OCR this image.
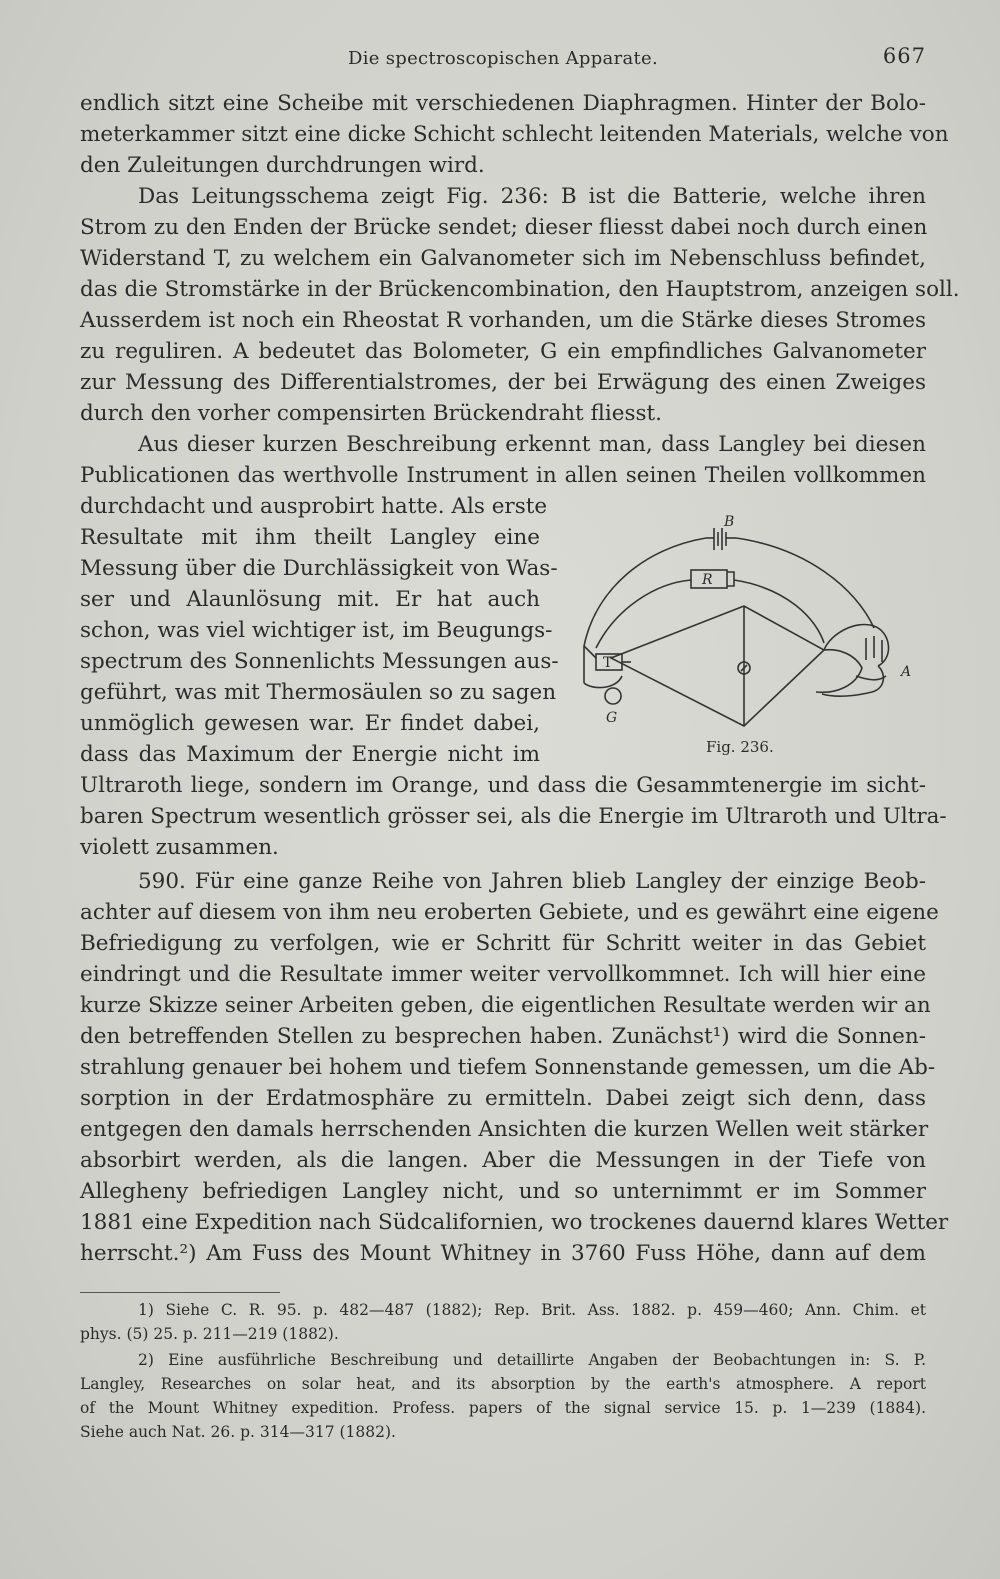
Die spectroscopischen Apparate.	667
endlich sitzt eine Scheibe mit verschiedenen Diaphragmen. Hinter der Bolo-
meterkammer sitzt eine dicke Schicht schlecht leitenden Materials, welche von
den Zuleitungen durchdrungen wird.
Das Leitungsschema zeigt Fig. 236: B ist die Batterie, welche ihren
Strom zu den Enden der Brücke sendet; dieser fliesst dabei noch durch einen
Widerstand T, zu welchem ein Galvanometer sich im Nebenschluss befindet,
das die Stromstärke in der Brückencombination, den Hauptstrom, anzeigen soll.
Ausserdem ist noch ein Rheostat R vorhanden, um die Stärke dieses Stromes
zu reguliren. A bedeutet das Bolometer, G ein empfindliches Galvanometer
zur Messung des Differentialstromes, der bei Erwägung des einen Zweiges
durch den vorher compensirten Brückendraht fliesst.
Aus dieser kurzen Beschreibung erkennt man, dass Langley bei diesen
Publicationen das werthvolle Instrument in allen seinen Theilen vollkommen
durchdacht und ausprobirt hatte. Als erste
Resultate mit ihm theilt Langley eine
Messung über die Durchlässigkeit von Was-
ser und Alaunlösung mit. Er hat auch
schon, was viel wichtiger ist, im Beugungs-
spectrum des Sonnenlichts Messungen aus-
geführt, was mit Thermosäulen so zu sagen
unmöglich gewesen war. Er findet dabei,
dass das Maximum der Energie nicht im
Ultraroth liege, sondern im Orange, und dass die Gesammtenergie im sicht-
baren Spectrum wesentlich grösser sei, als die Energie im Ultraroth und Ultra-
violett zusammen.
590. Für eine ganze Reihe von Jahren blieb Langley der einzige Beob-
achter auf diesem von ihm neu eroberten Gebiete, und es gewährt eine eigene
Befriedigung zu verfolgen, wie er Schritt für Schritt weiter in das Gebiet
eindringt und die Resultate immer weiter vervollkommnet. Ich will hier eine
kurze Skizze seiner Arbeiten geben, die eigentlichen Resultate werden wir an
den betreffenden Stellen zu besprechen haben. Zunächst¹) wird die Sonnen-
strahlung genauer bei hohem und tiefem Sonnenstande gemessen, um die Ab-
sorption in der Erdatmosphäre zu ermitteln. Dabei zeigt sich denn, dass
entgegen den damals herrschenden Ansichten die kurzen Wellen weit stärker
absorbirt werden, als die langen. Aber die Messungen in der Tiefe von
Allegheny befriedigen Langley nicht, und so unternimmt er im Sommer
1881 eine Expedition nach Südcalifornien, wo trockenes dauernd klares Wetter
herrscht.²) Am Fuss des Mount Whitney in 3760 Fuss Höhe, dann auf dem
B
R
T
G
A
Fig. 236.
1) Siehe C. R. 95. p. 482—487 (1882); Rep. Brit. Ass. 1882. p. 459—460; Ann. Chim. et
phys. (5) 25. p. 211—219 (1882).
2) Eine ausführliche Beschreibung und detaillirte Angaben der Beobachtungen in: S. P.
Langley, Researches on solar heat, and its absorption by the earth's atmosphere. A report
of the Mount Whitney expedition. Profess. papers of the signal service 15. p. 1—239 (1884).
Siehe auch Nat. 26. p. 314—317 (1882).
